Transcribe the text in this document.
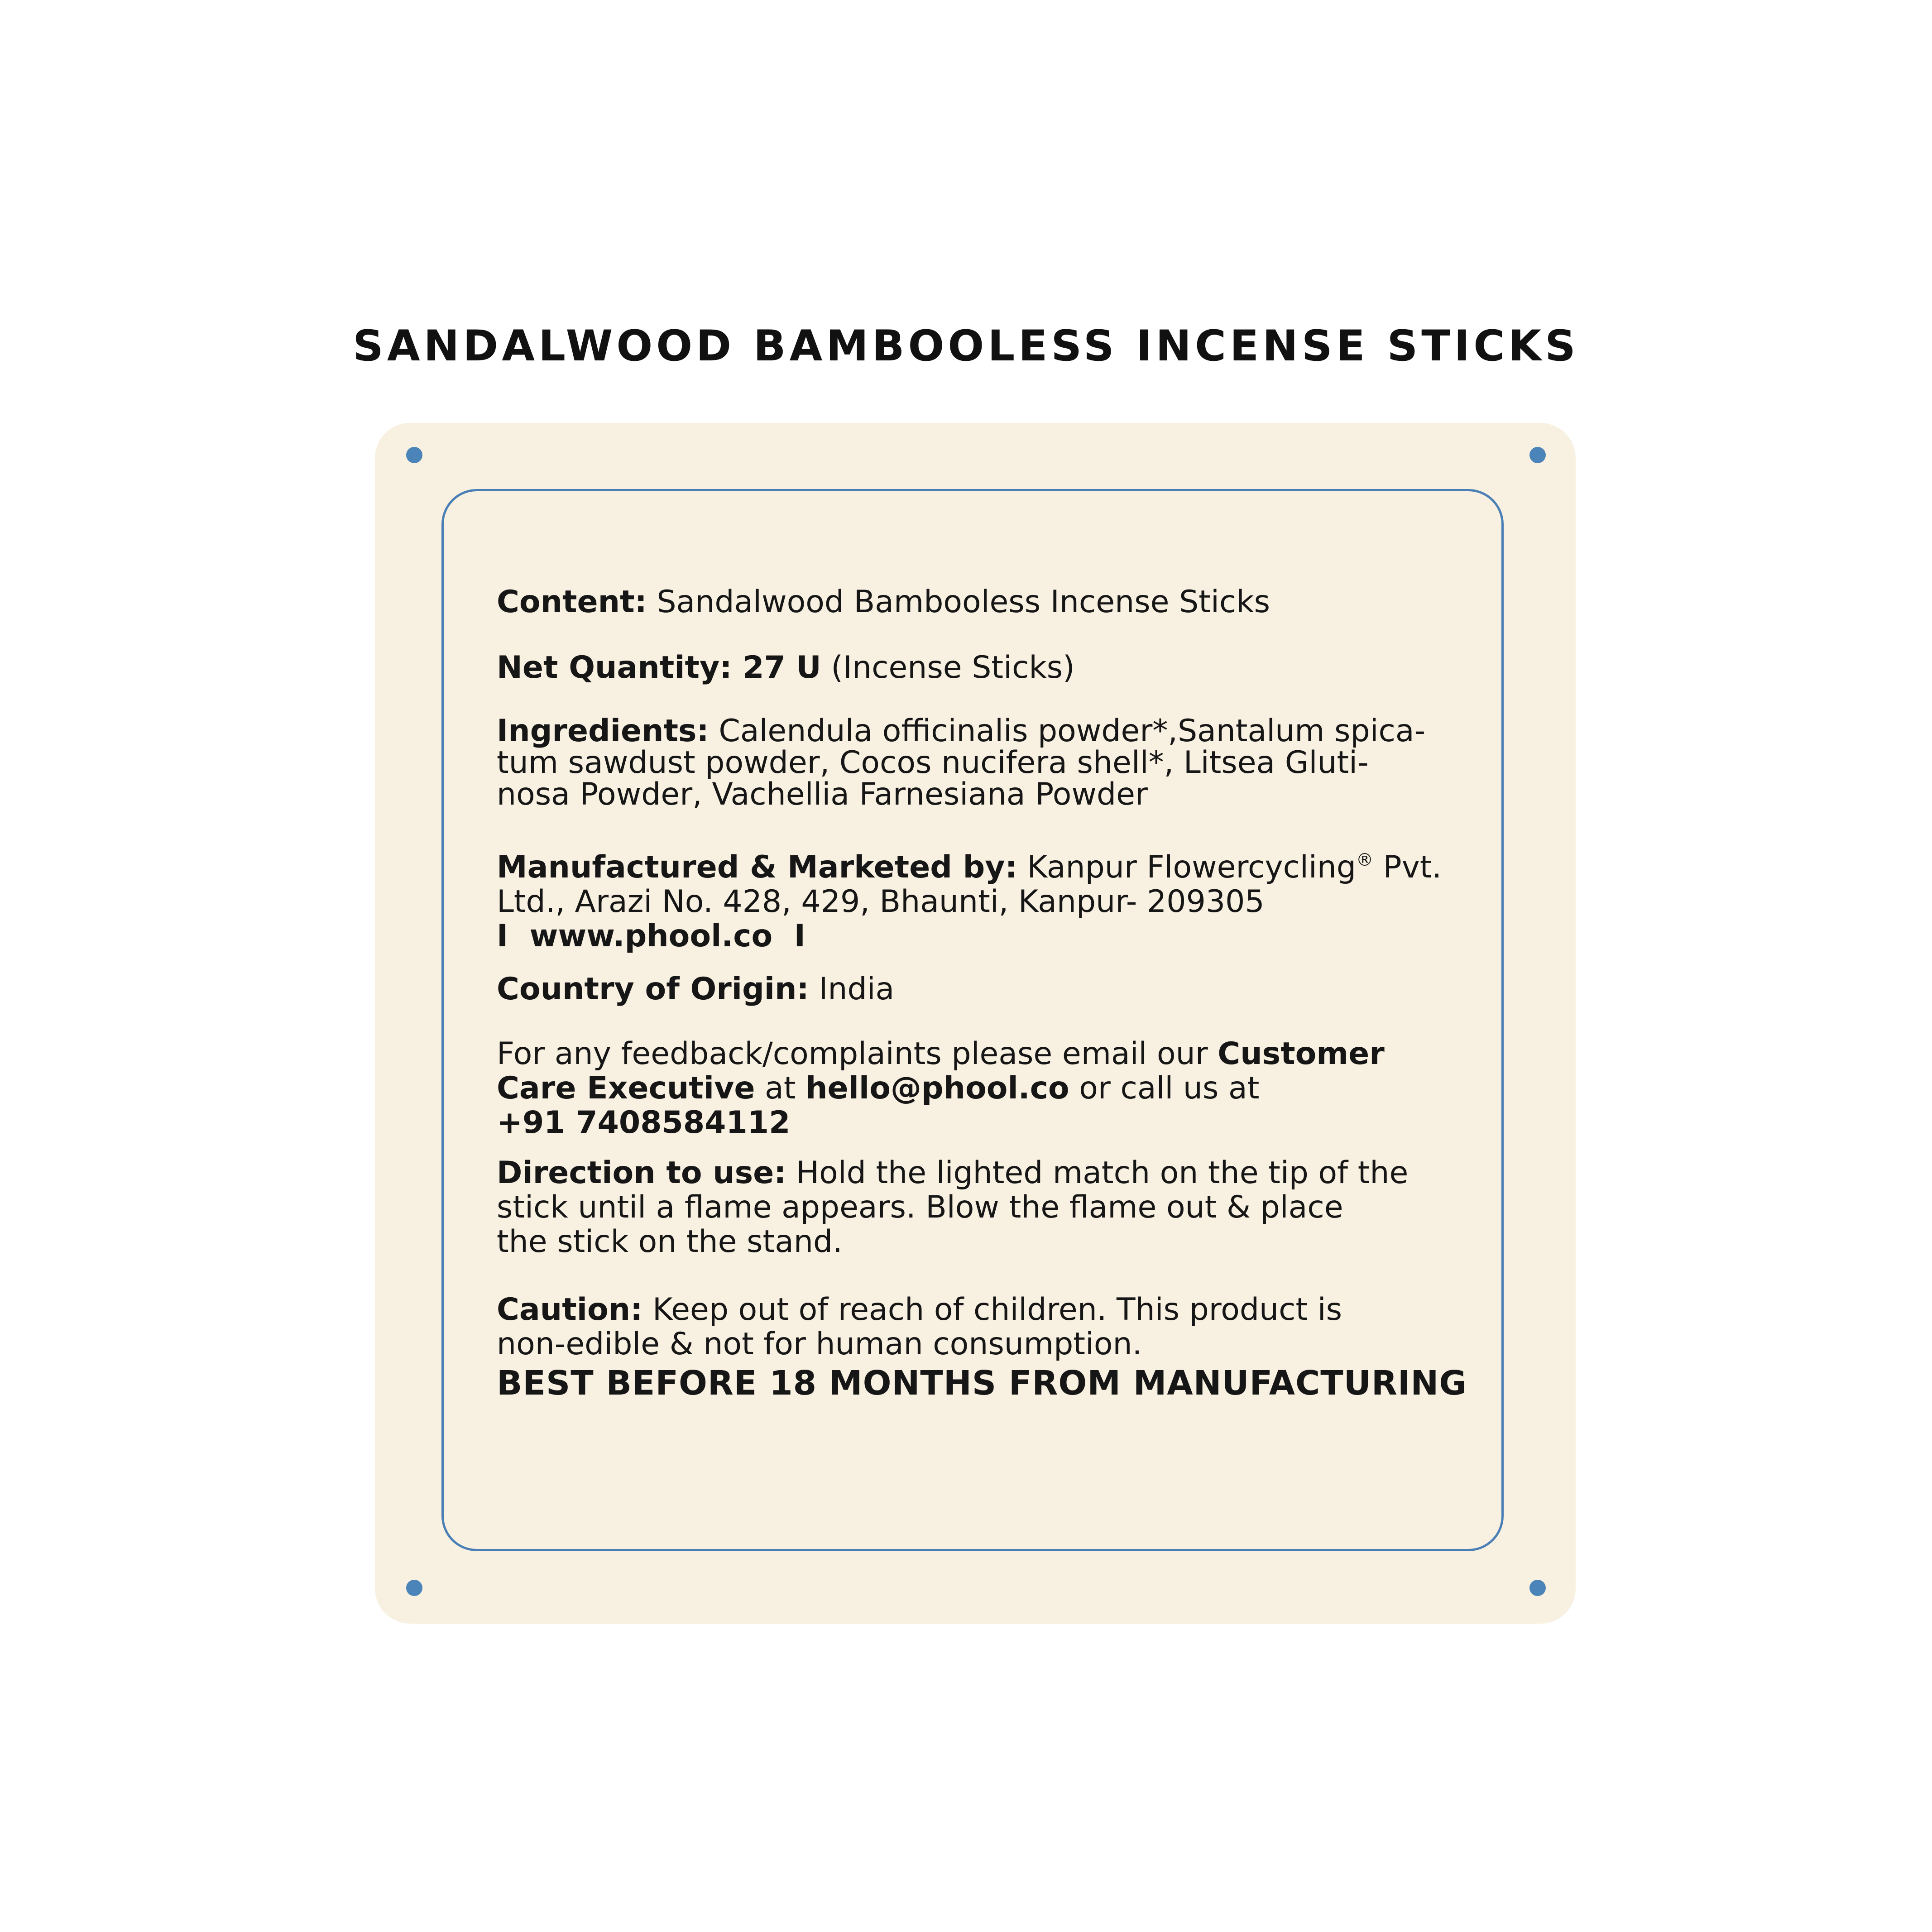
SANDALWOOD BAMBOOLESS INCENSE STICKS

Content: Sandalwood Bambooless Incense Sticks

Net Quantity: 27 U (Incense Sticks)

Ingredients: Calendula officinalis powder*,Santalum spica-
tum sawdust powder, Cocos nucifera shell*, Litsea Gluti-
nosa Powder, Vachellia Farnesiana Powder

Manufactured & Marketed by: Kanpur Flowercycling® Pvt.
Ltd., Arazi No. 428, 429, Bhaunti, Kanpur- 209305
I  www.phool.co  I

Country of Origin: India

For any feedback/complaints please email our Customer
Care Executive at hello@phool.co or call us at
+91 7408584112

Direction to use: Hold the lighted match on the tip of the
stick until a flame appears. Blow the flame out & place
the stick on the stand.

Caution: Keep out of reach of children. This product is
non-edible & not for human consumption.

BEST BEFORE 18 MONTHS FROM MANUFACTURING
